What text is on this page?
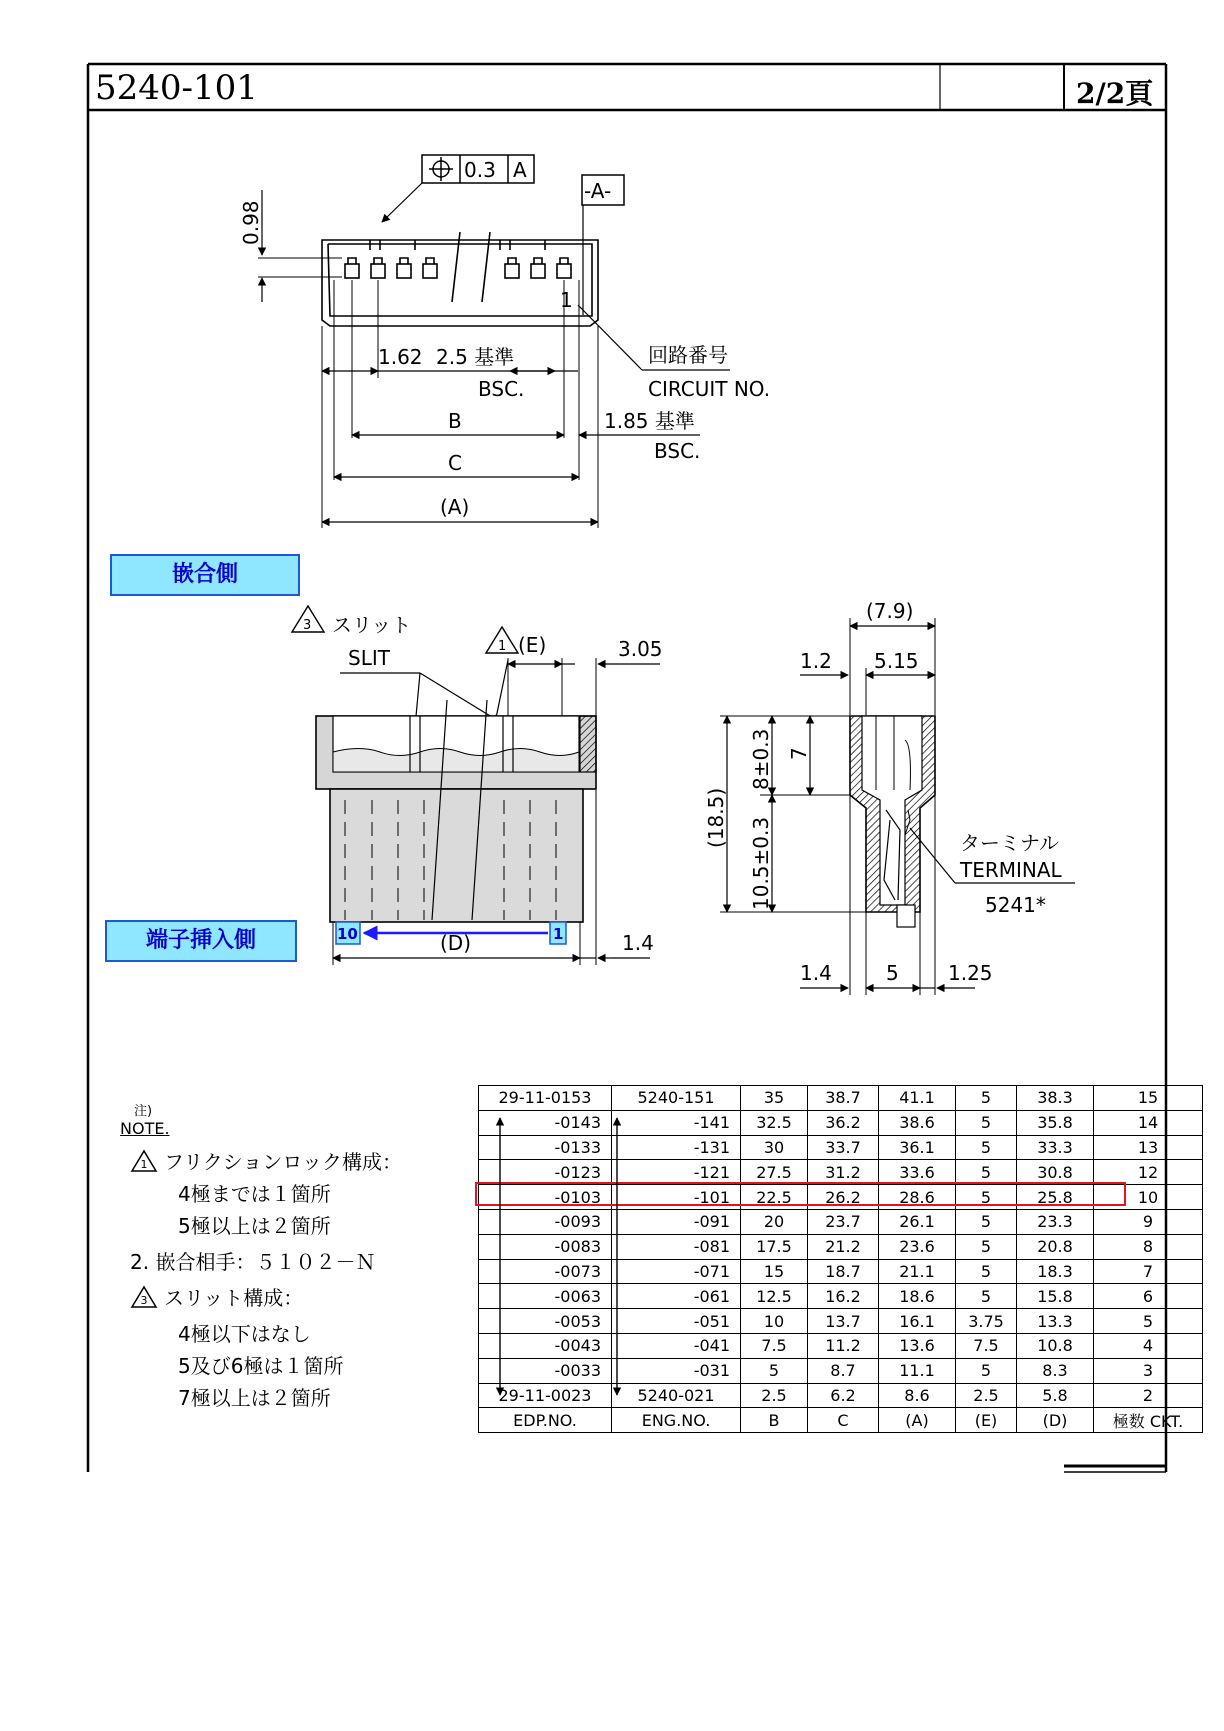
5240-101	2/2頁
0.3 A
-A-
0.98
1.62 2.5 基準
BSC.
1
回路番号
CIRCUIT NO.
B	1.85 基準
BSC.
C
(A)
嵌合側
端子挿入側
3 スリット
SLIT	1 (E)	3.05
10	1
(D)	1.4
(7.9)
5.15
1.2
(18.5)
8±0.3
10.5±0.3
7
ターミナル
TERMINAL
5241*
5
1.4	1.25
注)
NOTE.
1 フリクションロック構成：
4極までは１箇所
5極以上は２箇所
2. 嵌合相手：５１０２－Ｎ
3 スリット構成：
4極以下はなし
5及び6極は１箇所
7極以上は２箇所
29-11-0153	5240-151	35	38.7	41.1	5	38.3	15
-0143	-141	32.5	36.2	38.6	5	35.8	14
-0133	-131	30	33.7	36.1	5	33.3	13
-0123	-121	27.5	31.2	33.6	5	30.8	12
-0103	-101	22.5	26.2	28.6	5	25.8	10
-0093	-091	20	23.7	26.1	5	23.3	9
-0083	-081	17.5	21.2	23.6	5	20.8	8
-0073	-071	15	18.7	21.1	5	18.3	7
-0063	-061	12.5	16.2	18.6	5	15.8	6
-0053	-051	10	13.7	16.1	3.75	13.3	5
-0043	-041	7.5	11.2	13.6	7.5	10.8	4
-0033	-031	5	8.7	11.1	5	8.3	3
29-11-0023	5240-021	2.5	6.2	8.6	2.5	5.8	2
EDP.NO.	ENG.NO.	B	C	(A)	(E)	(D)	極数 CKT.
